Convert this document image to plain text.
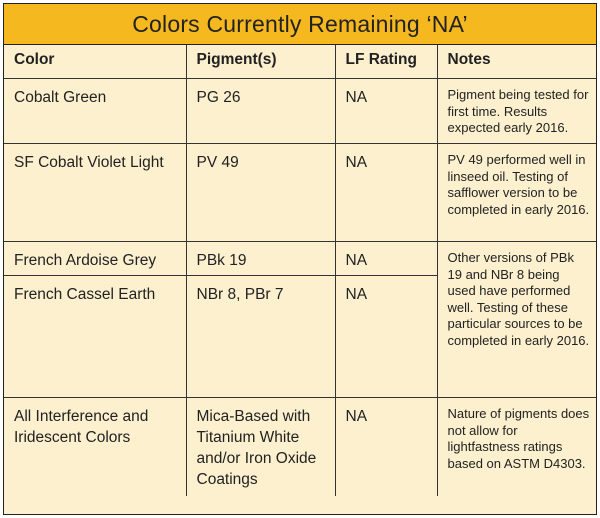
Colors Currently Remaining ‘NA’
Color	Pigment(s)	LF Rating	Notes
Cobalt Green	PG 26	NA	Pigment being tested for first time. Results expected early 2016.
SF Cobalt Violet Light	PV 49	NA	PV 49 performed well in linseed oil. Testing of safflower version to be completed in early 2016.
French Ardoise Grey	PBk 19	NA	Other versions of PBk 19 and NBr 8 being used have performed well. Testing of these particular sources to be completed in early 2016.
French Cassel Earth	NBr 8, PBr 7	NA	
All Interference and Iridescent Colors	Mica-Based with Titanium White and/or Iron Oxide Coatings	NA	Nature of pigments does not allow for lightfastness ratings based on ASTM D4303.
